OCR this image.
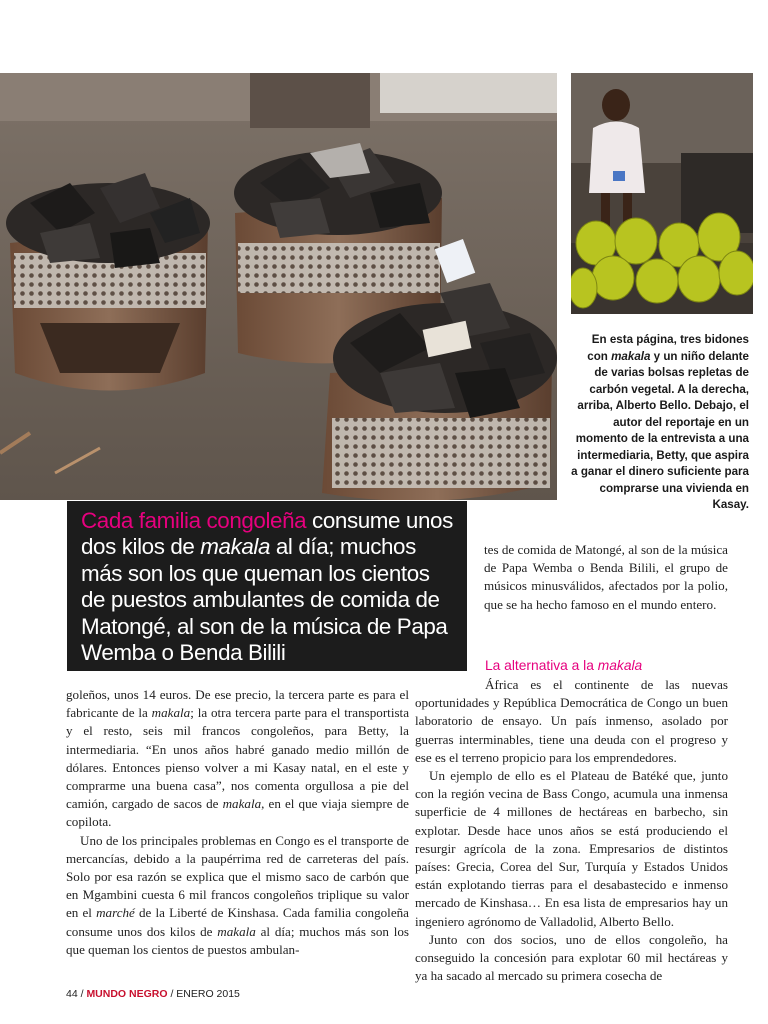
En esta página, tres bidones con makala y un niño delante de varias bolsas repletas de carbón vegetal. A la derecha, arriba, Alberto Bello. Debajo, el autor del reportaje en un momento de la entrevista a una intermediaria, Betty, que aspira a ganar el dinero suficiente para comprarse una vivienda en Kasay.
Cada familia congoleña consume unos dos kilos de makala al día; muchos más son los que queman los cientos de puestos ambulantes de comida de Matongé, al son de la música de Papa Wemba o Benda Bilili

goleños, unos 14 euros. De ese precio, la tercera parte es para el fabricante de la makala; la otra tercera parte para el transportista y el resto, seis mil francos congoleños, para Betty, la intermediaria. “En unos años habré ganado medio millón de dólares. Entonces pienso volver a mi Kasay natal, en el este y comprarme una buena casa”, nos comenta orgullosa a pie del camión, cargado de sacos de makala, en el que viaja siempre de copilota.

Uno de los principales problemas en Congo es el transporte de mercancías, debido a la paupérrima red de carreteras del país. Solo por esa razón se explica que el mismo saco de carbón que en Mgambini cuesta 6 mil francos congoleños triplique su valor en el marché de la Liberté de Kinshasa. Cada familia congoleña consume unos dos kilos de makala al día; muchos más son los que queman los cientos de puestos ambulan-

tes de comida de Matongé, al son de la música de Papa Wemba o Benda Bilili, el grupo de músicos minusválidos, afectados por la polio, que se ha hecho famoso en el mundo entero.

La alternativa a la makala

África es el continente de las nuevas oportunidades y República Democrática de Congo un buen laboratorio de ensayo. Un país inmenso, asolado por guerras interminables, tiene una deuda con el progreso y ese es el terreno propicio para los emprendedores.

Un ejemplo de ello es el Plateau de Batéké que, junto con la región vecina de Bass Congo, acumula una inmensa superficie de 4 millones de hectáreas en barbecho, sin explotar. Desde hace unos años se está produciendo el resurgir agrícola de la zona. Empresarios de distintos países: Grecia, Corea del Sur, Turquía y Estados Unidos están explotando tierras para el desabastecido e inmenso mercado de Kinshasa… En esa lista de empresarios hay un ingeniero agrónomo de Valladolid, Alberto Bello.

Junto con dos socios, uno de ellos congoleño, ha conseguido la concesión para explotar 60 mil hectáreas y ya ha sacado al mercado su primera cosecha de

44 / MUNDO NEGRO / ENERO 2015
